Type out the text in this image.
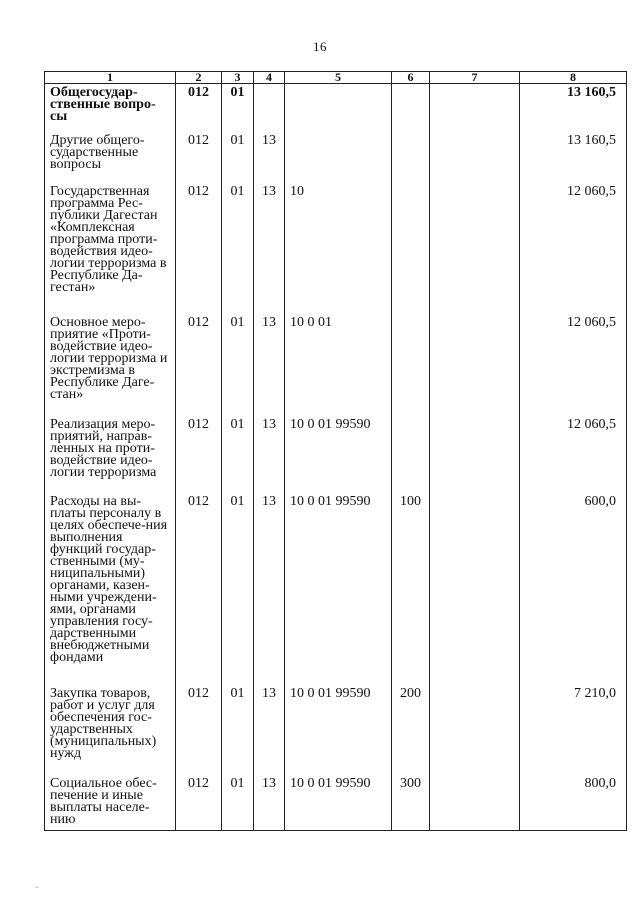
16
1	2	3	4	5	6	7	8
Общегосудар-ственные вопро-сы	012	01					13 160,5
Другие общего-сударственные вопросы	012	01	13				13 160,5
Государственная программа Рес-публики Дагестан «Комплексная программа проти-водействия идео-логии терроризма в Республике Да-гестан»	012	01	13	10			12 060,5
Основное меро-приятие «Проти-водействие идео-логии терроризма и экстремизма в Республике Даге-стан»	012	01	13	10 0 01			12 060,5
Реализация меро-приятий, направ-ленных на проти-водействие идео-логии терроризма	012	01	13	10 0 01 99590			12 060,5
Расходы на вы-платы персоналу в целях обеспече-ния выполнения функций государ-ственными (му-ниципальными) органами, казен-ными учреждени-ями, органами управления госу-дарственными внебюджетными фондами	012	01	13	10 0 01 99590	100		600,0
Закупка товаров, работ и услуг для обеспечения гос-ударственных (муниципальных) нужд	012	01	13	10 0 01 99590	200		7 210,0
Социальное обес-печение и иные выплаты населе-нию	012	01	13	10 0 01 99590	300		800,0
~
